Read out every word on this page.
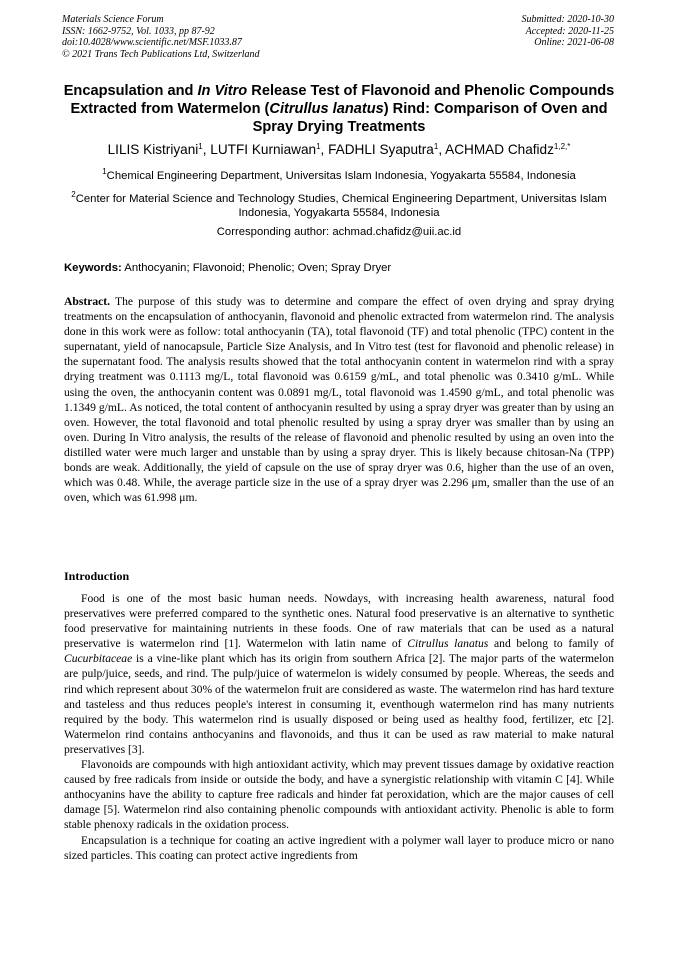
Materials Science Forum
ISSN: 1662-9752, Vol. 1033, pp 87-92
doi:10.4028/www.scientific.net/MSF.1033.87
© 2021 Trans Tech Publications Ltd, Switzerland
Submitted: 2020-10-30
Accepted: 2020-11-25
Online: 2021-06-08
Encapsulation and In Vitro Release Test of Flavonoid and Phenolic Compounds Extracted from Watermelon (Citrullus lanatus) Rind: Comparison of Oven and Spray Drying Treatments
LILIS Kistriyani$^1$, LUTFI Kurniawan$^1$, FADHLI Syaputra$^1$, ACHMAD Chafidz$^{1,2,*}$
$^1$Chemical Engineering Department, Universitas Islam Indonesia, Yogyakarta 55584, Indonesia
$^2$Center for Material Science and Technology Studies, Chemical Engineering Department, Universitas Islam Indonesia, Yogyakarta 55584, Indonesia
Corresponding author: achmad.chafidz@uii.ac.id
Keywords: Anthocyanin; Flavonoid; Phenolic; Oven; Spray Dryer
Abstract. The purpose of this study was to determine and compare the effect of oven drying and spray drying treatments on the encapsulation of anthocyanin, flavonoid and phenolic extracted from watermelon rind. The analysis done in this work were as follow: total anthocyanin (TA), total flavonoid (TF) and total phenolic (TPC) content in the supernatant, yield of nanocapsule, Particle Size Analysis, and In Vitro test (test for flavonoid and phenolic release) in the supernatant food. The analysis results showed that the total anthocyanin content in watermelon rind with a spray drying treatment was 0.1113 mg/L, total flavonoid was 0.6159 g/mL, and total phenolic was 0.3410 g/mL. While using the oven, the anthocyanin content was 0.0891 mg/L, total flavonoid was 1.4590 g/mL, and total phenolic was 1.1349 g/mL. As noticed, the total content of anthocyanin resulted by using a spray dryer was greater than by using an oven. However, the total flavonoid and total phenolic resulted by using a spray dryer was smaller than by using an oven. During In Vitro analysis, the results of the release of flavonoid and phenolic resulted by using an oven into the distilled water were much larger and unstable than by using a spray dryer. This is likely because chitosan-Na (TPP) bonds are weak. Additionally, the yield of capsule on the use of spray dryer was 0.6, higher than the use of an oven, which was 0.48. While, the average particle size in the use of a spray dryer was 2.296 μm, smaller than the use of an oven, which was 61.998 μm.
Introduction

Food is one of the most basic human needs. Nowdays, with increasing health awareness, natural food preservatives were preferred compared to the synthetic ones. Natural food preservative is an alternative to synthetic food preservative for maintaining nutrients in these foods. One of raw materials that can be used as a natural preservative is watermelon rind [1]. Watermelon with latin name of Citrullus lanatus and belong to family of Cucurbitaceae is a vine-like plant which has its origin from southern Africa [2]. The major parts of the watermelon are pulp/juice, seeds, and rind. The pulp/juice of watermelon is widely consumed by people. Whereas, the seeds and rind which represent about 30% of the watermelon fruit are considered as waste. The watermelon rind has hard texture and tasteless and thus reduces people's interest in consuming it, eventhough watermelon rind has many nutrients required by the body. This watermelon rind is usually disposed or being used as healthy food, fertilizer, etc [2]. Watermelon rind contains anthocyanins and flavonoids, and thus it can be used as raw material to make natural preservatives [3].

Flavonoids are compounds with high antioxidant activity, which may prevent tissues damage by oxidative reaction caused by free radicals from inside or outside the body, and have a synergistic relationship with vitamin C [4]. While anthocyanins have the ability to capture free radicals and hinder fat peroxidation, which are the major causes of cell damage [5]. Watermelon rind also containing phenolic compounds with antioxidant activity. Phenolic is able to form stable phenoxy radicals in the oxidation process.

Encapsulation is a technique for coating an active ingredient with a polymer wall layer to produce micro or nano sized particles. This coating can protect active ingredients from
